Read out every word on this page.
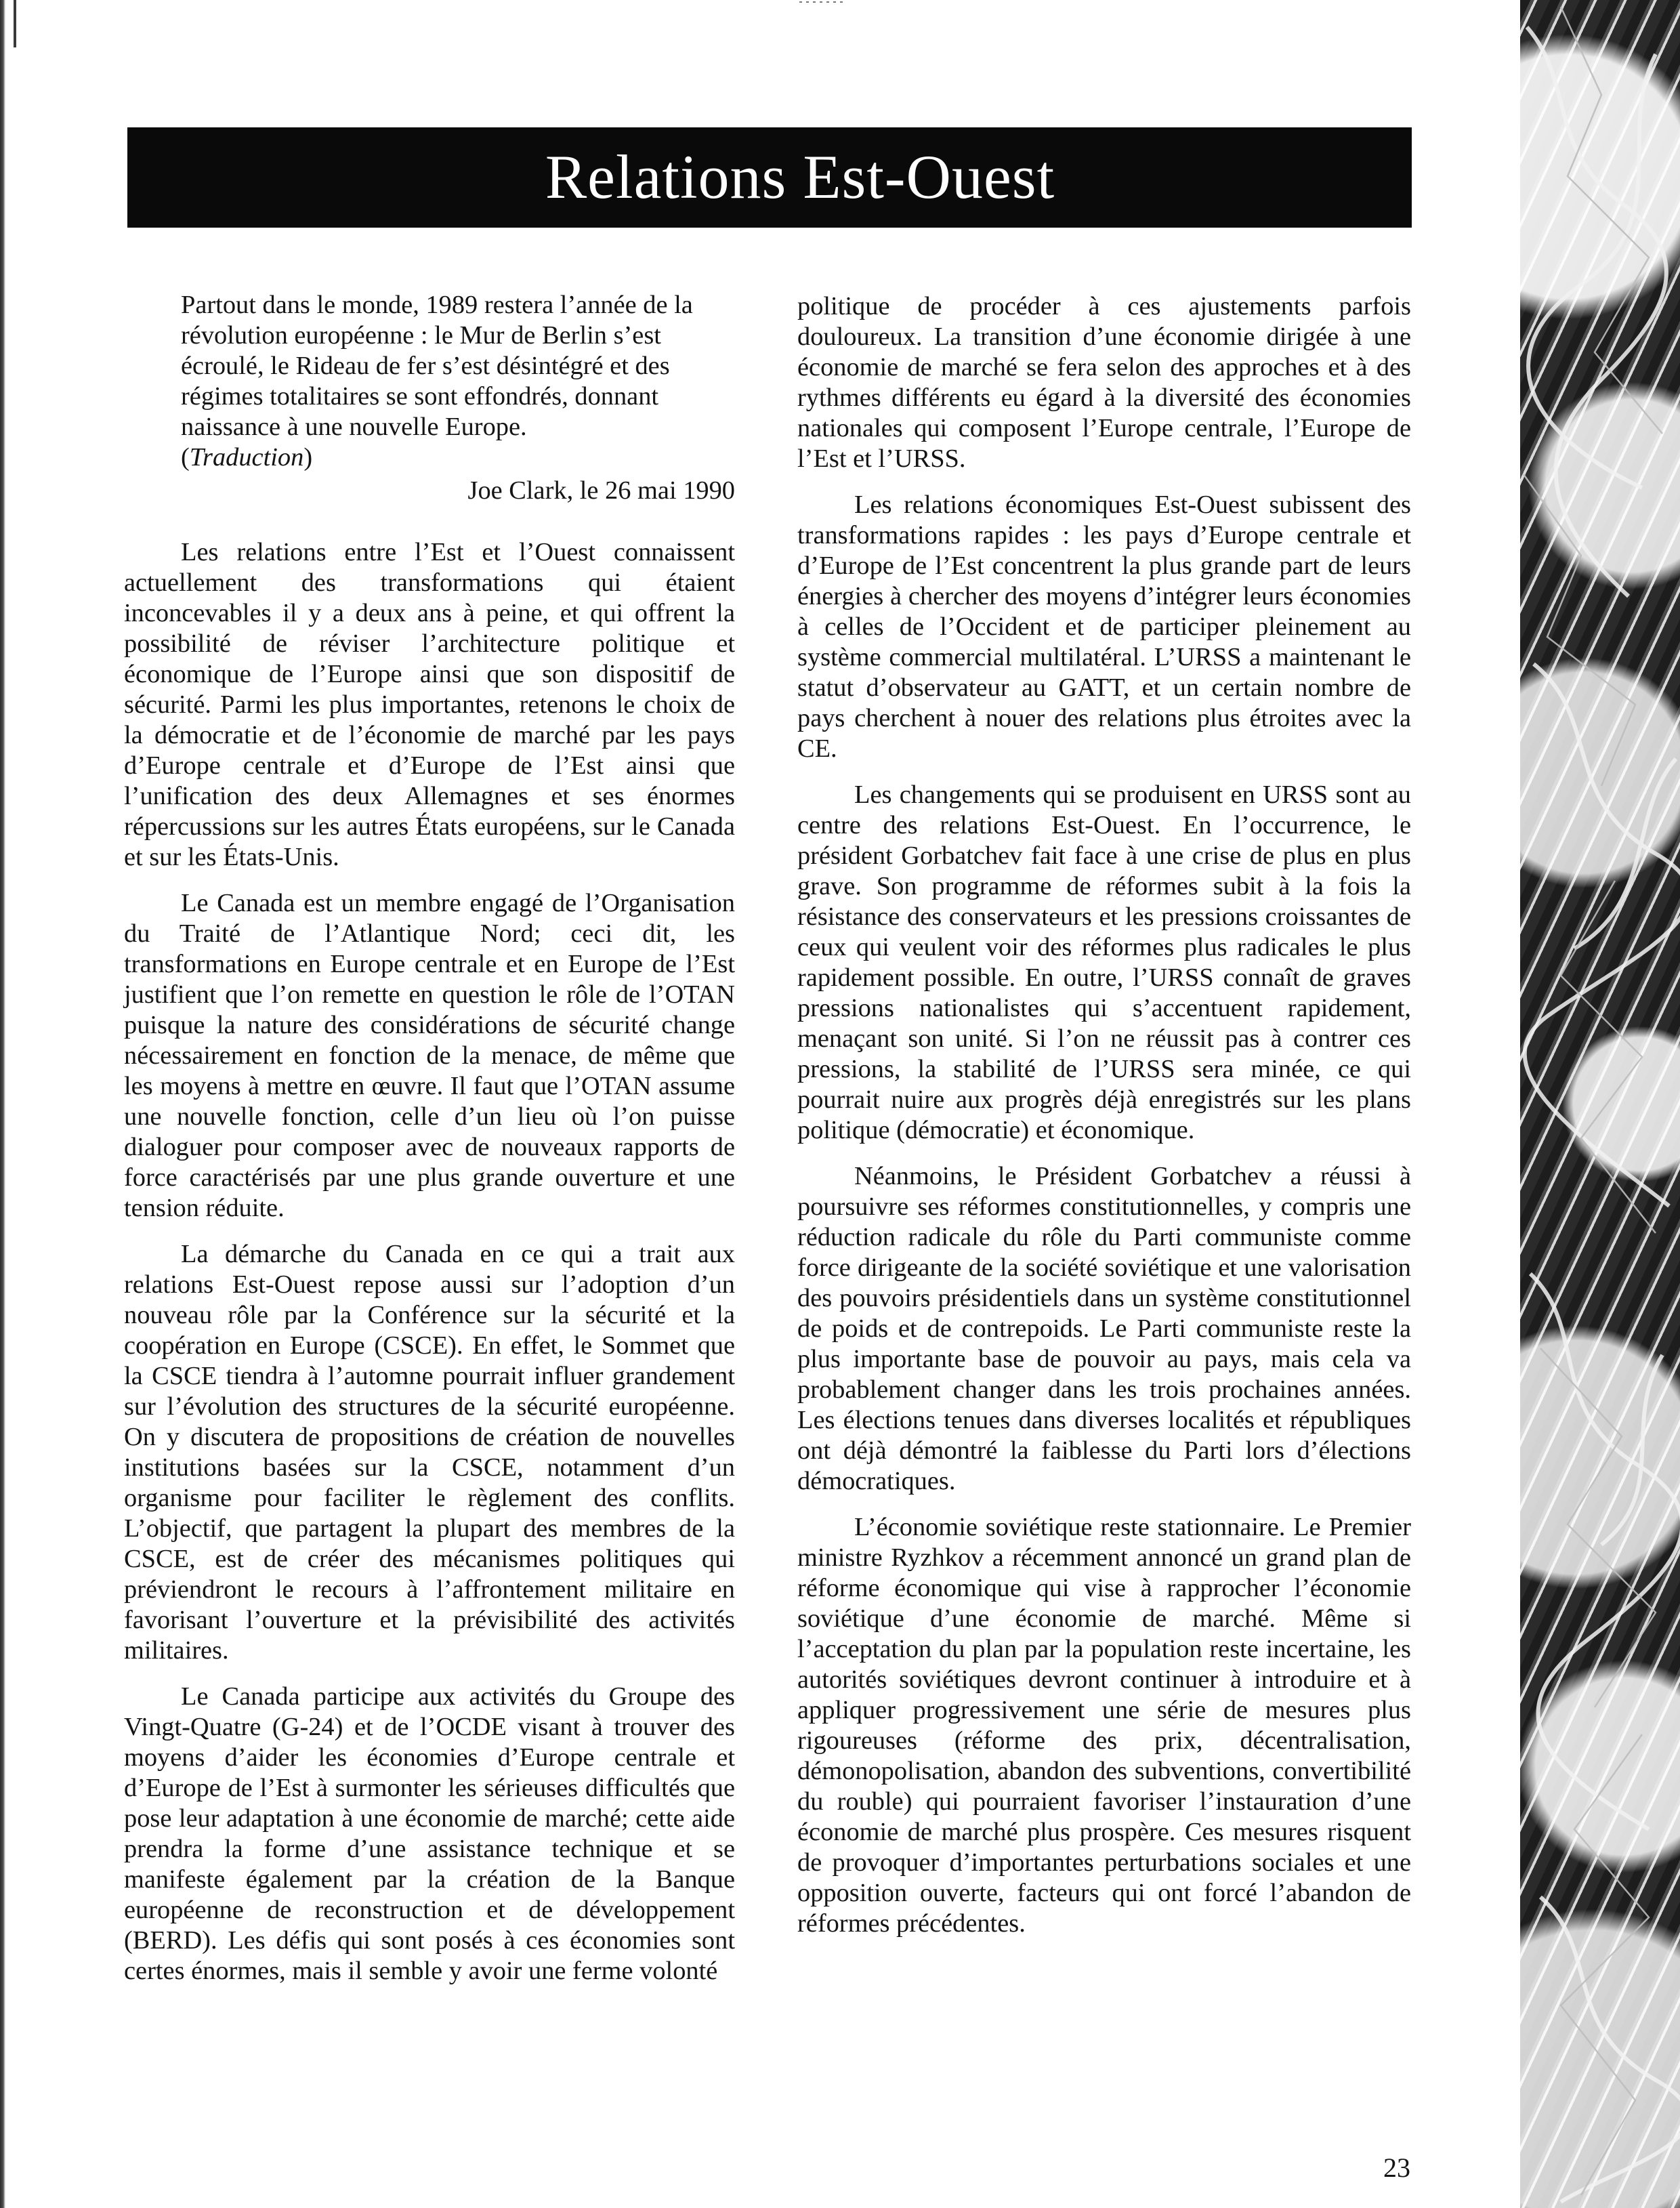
Relations Est-Ouest

Partout dans le monde, 1989 restera l’année de la révolution européenne : le Mur de Berlin s’est écroulé, le Rideau de fer s’est désintégré et des régimes totalitaires se sont effondrés, donnant naissance à une nouvelle Europe.
(Traduction)

Joe Clark, le 26 mai 1990

Les relations entre l’Est et l’Ouest connaissent actuellement des transformations qui étaient inconcevables il y a deux ans à peine, et qui offrent la possibilité de réviser l’architecture politique et économique de l’Europe ainsi que son dispositif de sécurité. Parmi les plus importantes, retenons le choix de la démocratie et de l’économie de marché par les pays d’Europe centrale et d’Europe de l’Est ainsi que l’unification des deux Allemagnes et ses énormes répercussions sur les autres États européens, sur le Canada et sur les États-Unis.

Le Canada est un membre engagé de l’Organisation du Traité de l’Atlantique Nord; ceci dit, les transformations en Europe centrale et en Europe de l’Est justifient que l’on remette en question le rôle de l’OTAN puisque la nature des considérations de sécurité change nécessairement en fonction de la menace, de même que les moyens à mettre en œuvre. Il faut que l’OTAN assume une nouvelle fonction, celle d’un lieu où l’on puisse dialoguer pour composer avec de nouveaux rapports de force caractérisés par une plus grande ouverture et une tension réduite.

La démarche du Canada en ce qui a trait aux relations Est-Ouest repose aussi sur l’adoption d’un nouveau rôle par la Conférence sur la sécurité et la coopération en Europe (CSCE). En effet, le Sommet que la CSCE tiendra à l’automne pourrait influer grandement sur l’évolution des structures de la sécurité européenne. On y discutera de propositions de création de nouvelles institutions basées sur la CSCE, notamment d’un organisme pour faciliter le règlement des conflits. L’objectif, que partagent la plupart des membres de la CSCE, est de créer des mécanismes politiques qui préviendront le recours à l’affrontement militaire en favorisant l’ouverture et la prévisibilité des activités militaires.

Le Canada participe aux activités du Groupe des Vingt-Quatre (G-24) et de l’OCDE visant à trouver des moyens d’aider les économies d’Europe centrale et d’Europe de l’Est à surmonter les sérieuses difficultés que pose leur adaptation à une économie de marché; cette aide prendra la forme d’une assistance technique et se manifeste également par la création de la Banque européenne de reconstruction et de développement (BERD). Les défis qui sont posés à ces économies sont certes énormes, mais il semble y avoir une ferme volonté

politique de procéder à ces ajustements parfois douloureux. La transition d’une économie dirigée à une économie de marché se fera selon des approches et à des rythmes différents eu égard à la diversité des économies nationales qui composent l’Europe centrale, l’Europe de l’Est et l’URSS.

Les relations économiques Est-Ouest subissent des transformations rapides : les pays d’Europe centrale et d’Europe de l’Est concentrent la plus grande part de leurs énergies à chercher des moyens d’intégrer leurs économies à celles de l’Occident et de participer pleinement au système commercial multilatéral. L’URSS a maintenant le statut d’observateur au GATT, et un certain nombre de pays cherchent à nouer des relations plus étroites avec la CE.

Les changements qui se produisent en URSS sont au centre des relations Est-Ouest. En l’occurrence, le président Gorbatchev fait face à une crise de plus en plus grave. Son programme de réformes subit à la fois la résistance des conservateurs et les pressions croissantes de ceux qui veulent voir des réformes plus radicales le plus rapidement possible. En outre, l’URSS connaît de graves pressions nationalistes qui s’accentuent rapidement, menaçant son unité. Si l’on ne réussit pas à contrer ces pressions, la stabilité de l’URSS sera minée, ce qui pourrait nuire aux progrès déjà enregistrés sur les plans politique (démocratie) et économique.

Néanmoins, le Président Gorbatchev a réussi à poursuivre ses réformes constitutionnelles, y compris une réduction radicale du rôle du Parti communiste comme force dirigeante de la société soviétique et une valorisation des pouvoirs présidentiels dans un système constitutionnel de poids et de contrepoids. Le Parti communiste reste la plus importante base de pouvoir au pays, mais cela va probablement changer dans les trois prochaines années. Les élections tenues dans diverses localités et républiques ont déjà démontré la faiblesse du Parti lors d’élections démocratiques.

L’économie soviétique reste stationnaire. Le Premier ministre Ryzhkov a récemment annoncé un grand plan de réforme économique qui vise à rapprocher l’économie soviétique d’une économie de marché. Même si l’acceptation du plan par la population reste incertaine, les autorités soviétiques devront continuer à introduire et à appliquer progressivement une série de mesures plus rigoureuses (réforme des prix, décentralisation, démonopolisation, abandon des subventions, convertibilité du rouble) qui pourraient favoriser l’instauration d’une économie de marché plus prospère. Ces mesures risquent de provoquer d’importantes perturbations sociales et une opposition ouverte, facteurs qui ont forcé l’abandon de réformes précédentes.

23
